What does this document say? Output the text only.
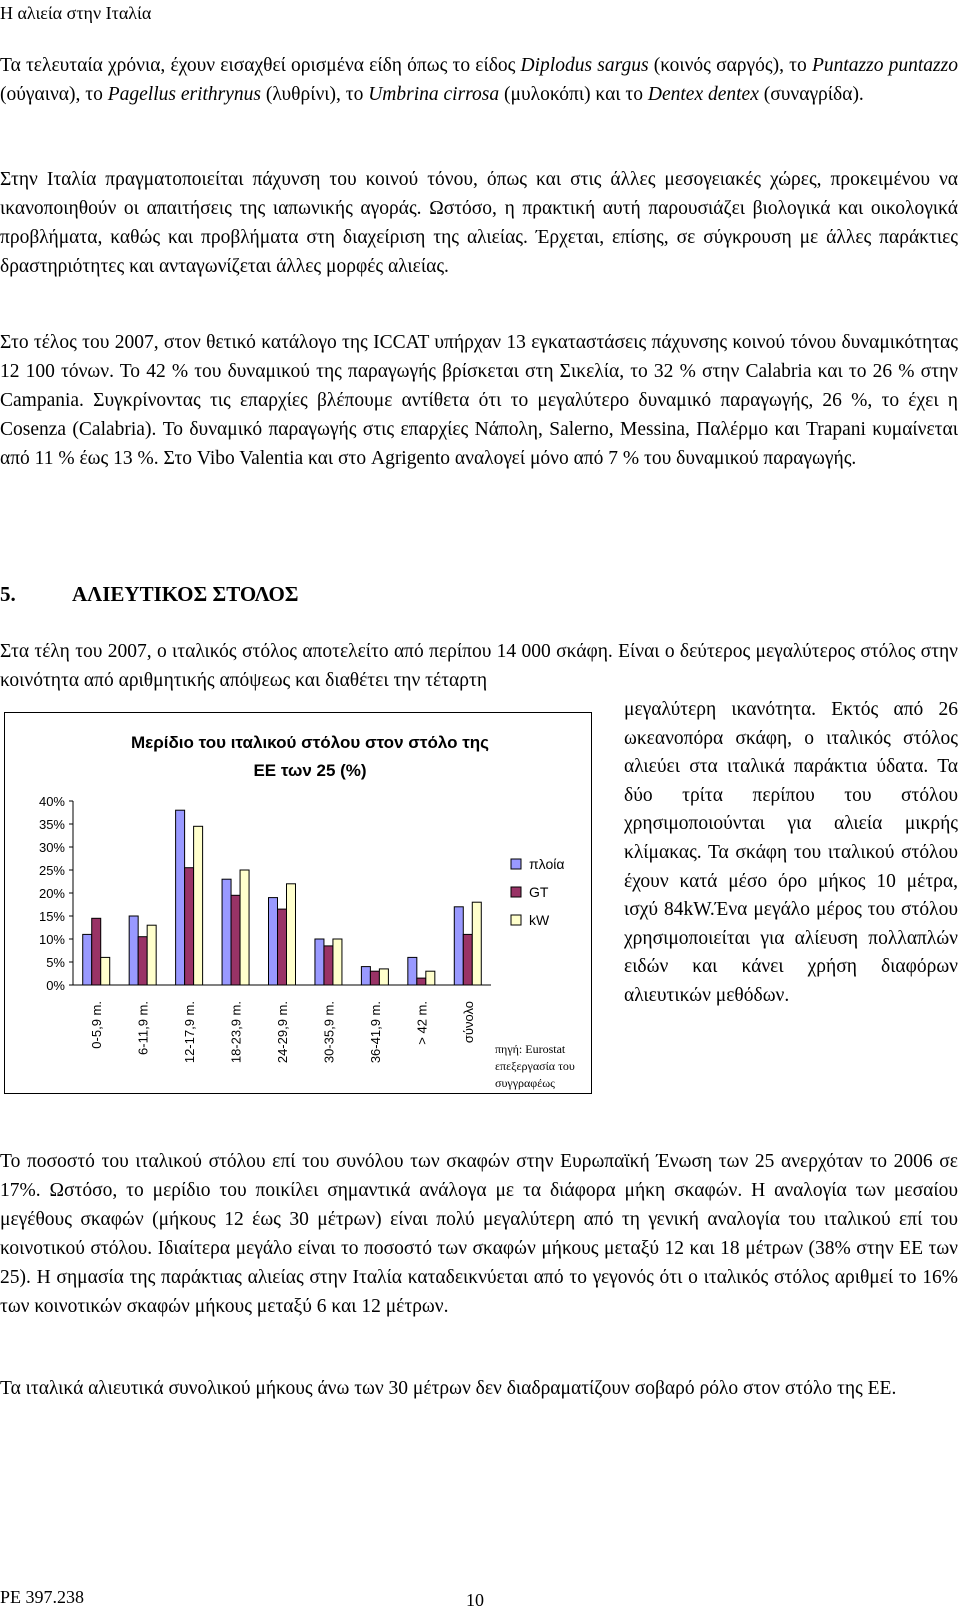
Η αλιεία στην Ιταλία

Τα τελευταία χρόνια, έχουν εισαχθεί ορισμένα είδη όπως το είδος Diplodus sargus (κοινός σαργός), το Puntazzo puntazzo (ούγαινα), το Pagellus erithrynus (λυθρίνι), το Umbrina cirrosa (μυλοκόπι) και το Dentex dentex (συναγρίδα).

Στην Ιταλία πραγματοποιείται πάχυνση του κοινού τόνου, όπως και στις άλλες μεσογειακές χώρες, προκειμένου να ικανοποιηθούν οι απαιτήσεις της ιαπωνικής αγοράς. Ωστόσο, η πρακτική αυτή παρουσιάζει βιολογικά και οικολογικά προβλήματα, καθώς και προβλήματα στη διαχείριση της αλιείας. Έρχεται, επίσης, σε σύγκρουση με άλλες παράκτιες δραστηριότητες και ανταγωνίζεται άλλες μορφές αλιείας.

Στο τέλος του 2007, στον θετικό κατάλογο της ICCAT υπήρχαν 13 εγκαταστάσεις πάχυνσης κοινού τόνου δυναμικότητας 12 100 τόνων. Το 42 % του δυναμικού της παραγωγής βρίσκεται στη Σικελία, το 32 % στην Calabria και το 26 % στην Campania. Συγκρίνοντας τις επαρχίες βλέπουμε αντίθετα ότι το μεγαλύτερο δυναμικό παραγωγής, 26 %, το έχει η Cosenza (Calabria). Το δυναμικό παραγωγής στις επαρχίες Νάπολη, Salerno, Messina, Παλέρμο και Trapani κυμαίνεται από 11 % έως 13 %. Στο Vibo Valentia και στο Agrigento αναλογεί μόνο από 7 % του δυναμικού παραγωγής.

5.	ΑΛΙΕΥΤΙΚΟΣ ΣΤΟΛΟΣ

Στα τέλη του 2007, ο ιταλικός στόλος αποτελείτο από περίπου 14 000 σκάφη. Είναι ο δεύτερος μεγαλύτερος στόλος στην κοινότητα από αριθμητικής απόψεως και διαθέτει την τέταρτη

μεγαλύτερη ικανότητα. Εκτός από 26 ωκεανοπόρα σκάφη, ο ιταλικός στόλος αλιεύει στα ιταλικά παράκτια ύδατα. Τα δύο τρίτα περίπου του στόλου χρησιμοποιούνται για αλιεία μικρής κλίμακας. Τα σκάφη του ιταλικού στόλου έχουν κατά μέσο όρο μήκος 10 μέτρα, ισχύ 84kW.Ένα μεγάλο μέρος του στόλου χρησιμοποιείται για αλίευση πολλαπλών ειδών και κάνει χρήση διαφόρων αλιευτικών μεθόδων.

Μερίδιο του ιταλικού στόλου στον στόλο της
ΕΕ των 25 (%)
0%
5%
10%
15%
20%
25%
30%
35%
40%
0-5,9 m. 6-11,9 m. 12-17,9 m. 18-23,9 m. 24-29,9 m. 30-35,9 m. 36-41,9 m. > 42 m. σύνολο
πλοία
GT
kW
πηγή: Eurostat
επεξεργασία του
συγγραφέως

Το ποσοστό του ιταλικού στόλου επί του συνόλου των σκαφών στην Ευρωπαϊκή Ένωση των 25 ανερχόταν το 2006 σε 17%. Ωστόσο, το μερίδιο του ποικίλει σημαντικά ανάλογα με τα διάφορα μήκη σκαφών. Η αναλογία των μεσαίου μεγέθους σκαφών (μήκους 12 έως 30 μέτρων) είναι πολύ μεγαλύτερη από τη γενική αναλογία του ιταλικού επί του κοινοτικού στόλου. Ιδιαίτερα μεγάλο είναι το ποσοστό των σκαφών μήκους μεταξύ 12 και 18 μέτρων (38% στην ΕΕ των 25). Η σημασία της παράκτιας αλιείας στην Ιταλία καταδεικνύεται από το γεγονός ότι ο ιταλικός στόλος αριθμεί το 16% των κοινοτικών σκαφών μήκους μεταξύ 6 και 12 μέτρων.

Τα ιταλικά αλιευτικά συνολικού μήκους άνω των 30 μέτρων δεν διαδραματίζουν σοβαρό ρόλο στον στόλο της ΕΕ.

PE 397.238	10
